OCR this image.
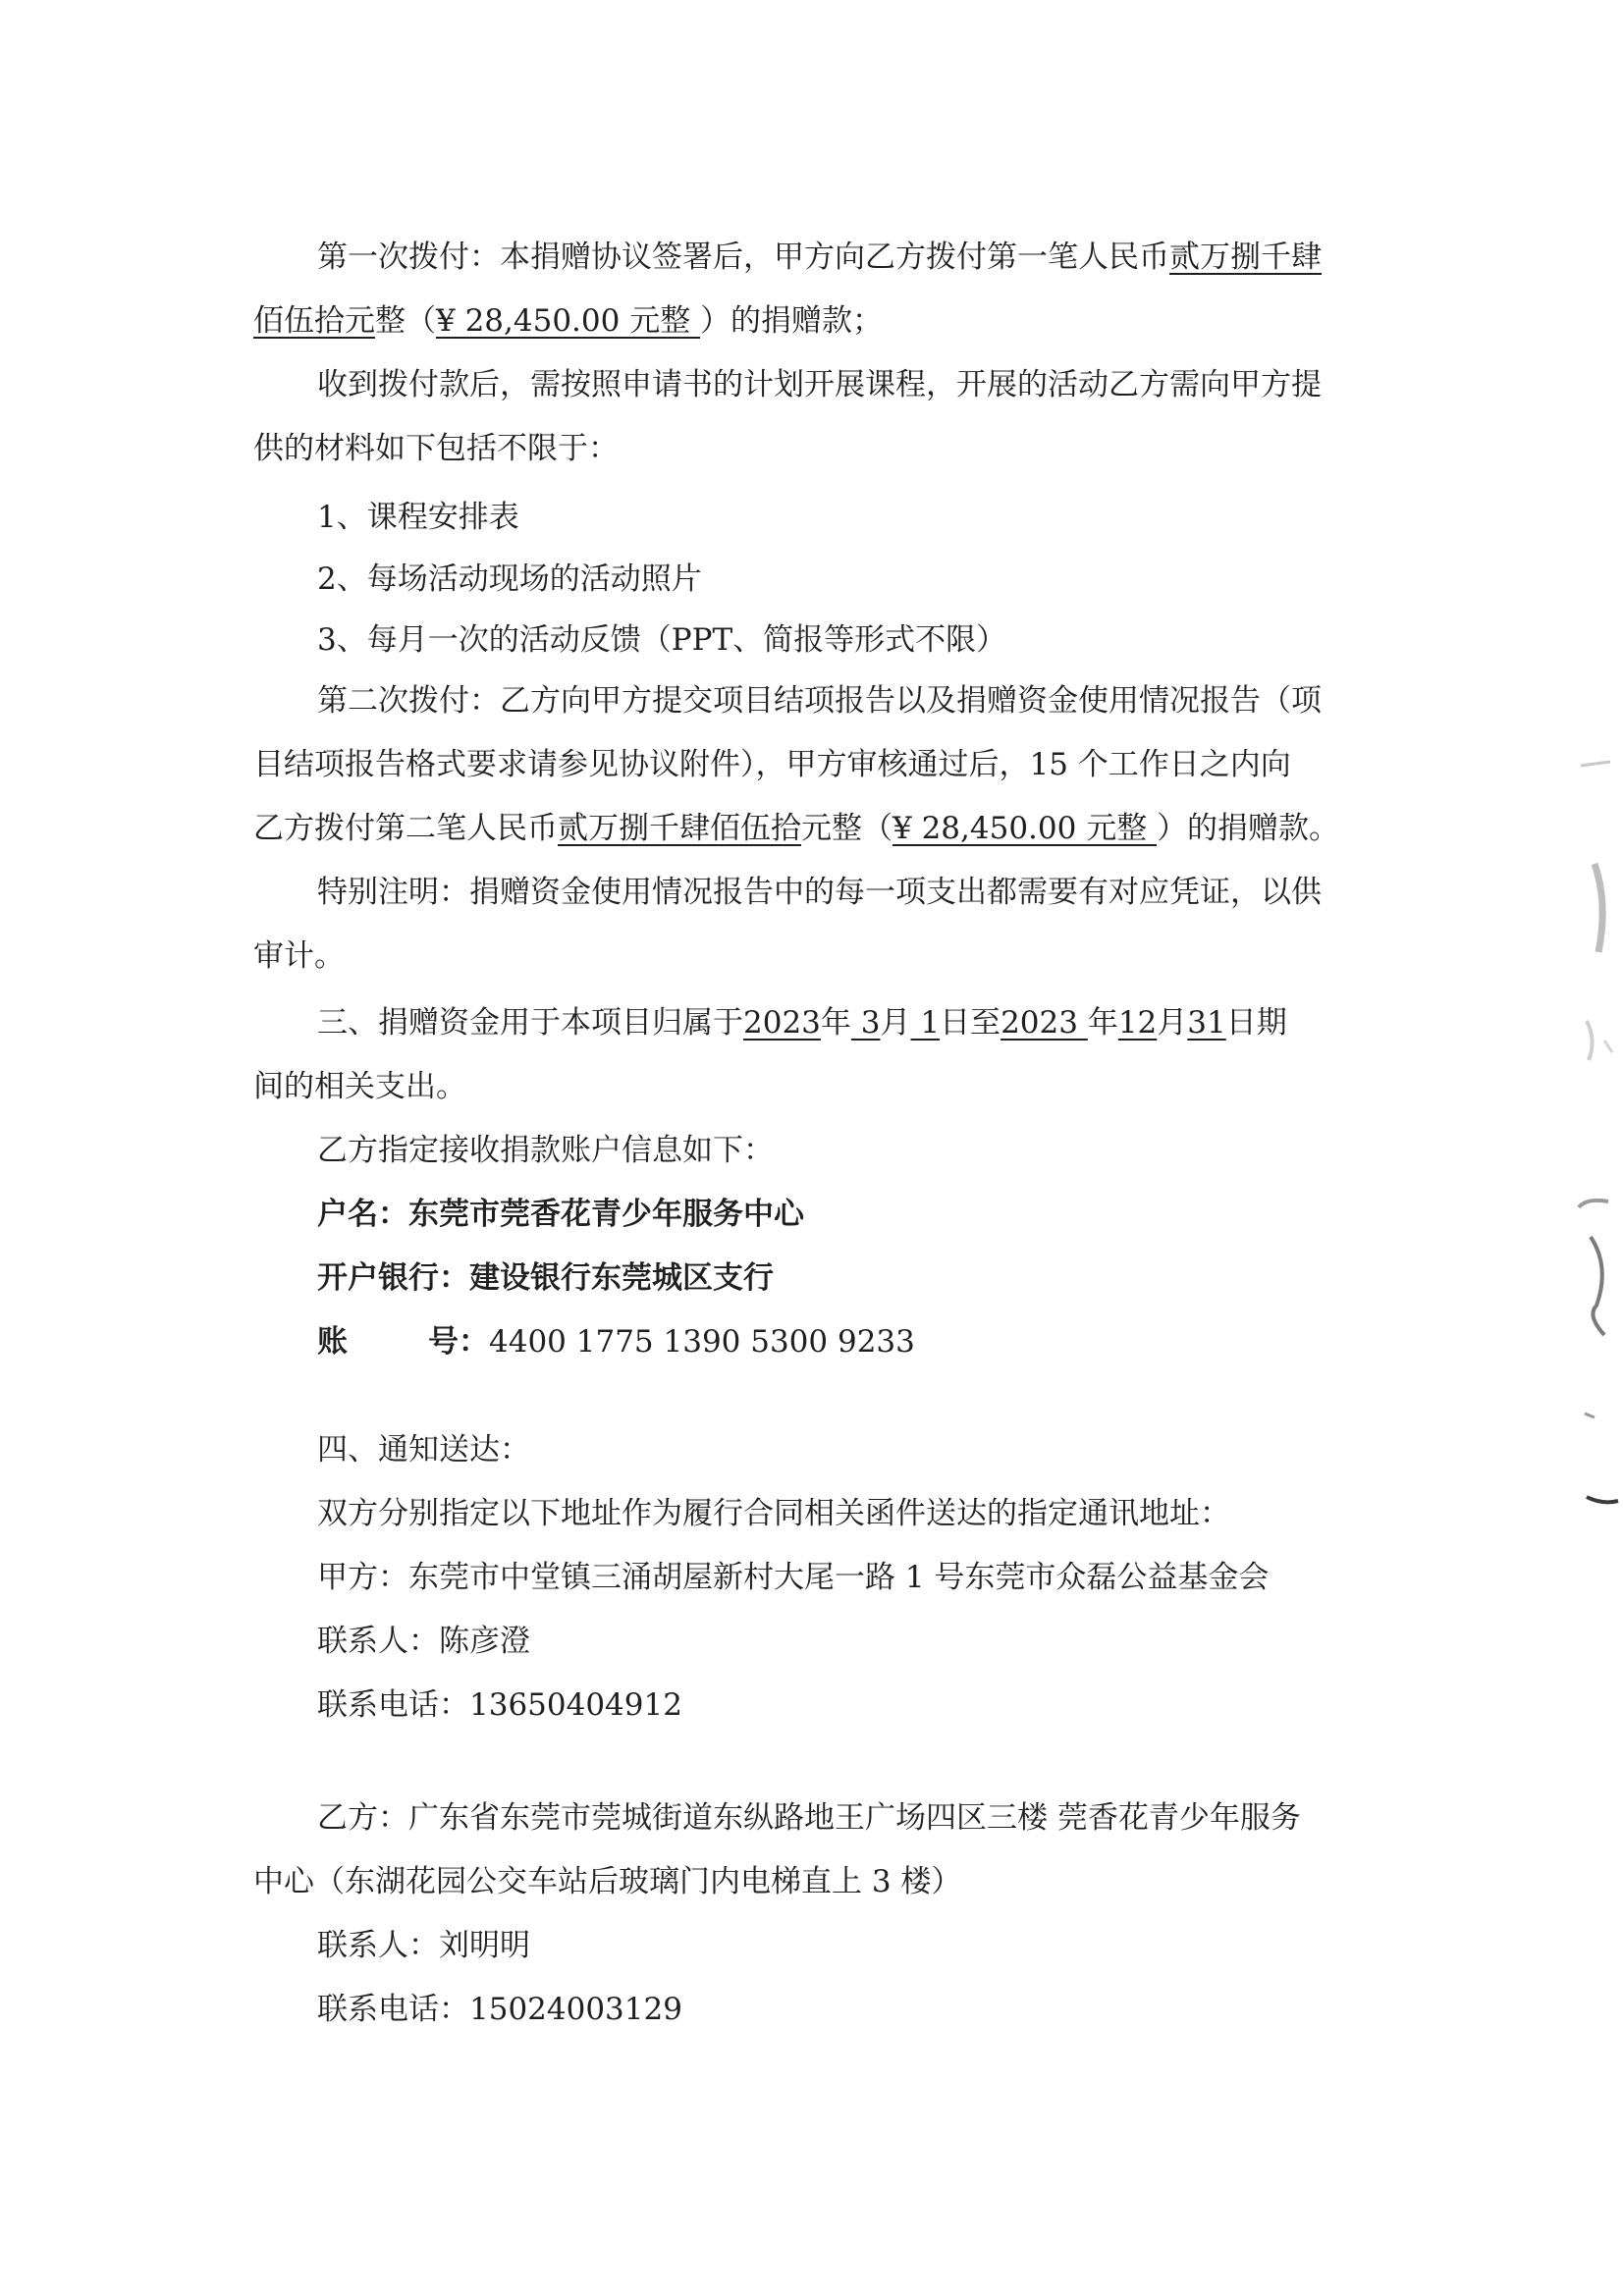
第一次拨付：本捐赠协议签署后，甲方向乙方拨付第一笔人民币贰万捌千肆
佰伍拾元整（¥ 28,450.00 元整 ）的捐赠款；
收到拨付款后，需按照申请书的计划开展课程，开展的活动乙方需向甲方提
供的材料如下包括不限于：
1、课程安排表
2、每场活动现场的活动照片
3、每月一次的活动反馈（PPT、简报等形式不限）
第二次拨付：乙方向甲方提交项目结项报告以及捐赠资金使用情况报告（项
目结项报告格式要求请参见协议附件），甲方审核通过后，15 个工作日之内向
乙方拨付第二笔人民币贰万捌千肆佰伍拾元整（¥ 28,450.00 元整 ）的捐赠款。
特别注明：捐赠资金使用情况报告中的每一项支出都需要有对应凭证，以供
审计。
三、捐赠资金用于本项目归属于2023年 3月 1日至2023 年12月31日期
间的相关支出。
乙方指定接收捐款账户信息如下：
户名：东莞市莞香花青少年服务中心
开户银行：建设银行东莞城区支行
账	号：4400 1775 1390 5300 9233
四、通知送达：
双方分别指定以下地址作为履行合同相关函件送达的指定通讯地址：
甲方：东莞市中堂镇三涌胡屋新村大尾一路 1 号东莞市众磊公益基金会
联系人：陈彦澄
联系电话：13650404912
乙方：广东省东莞市莞城街道东纵路地王广场四区三楼 莞香花青少年服务
中心（东湖花园公交车站后玻璃门内电梯直上 3 楼）
联系人：刘明明
联系电话：15024003129
